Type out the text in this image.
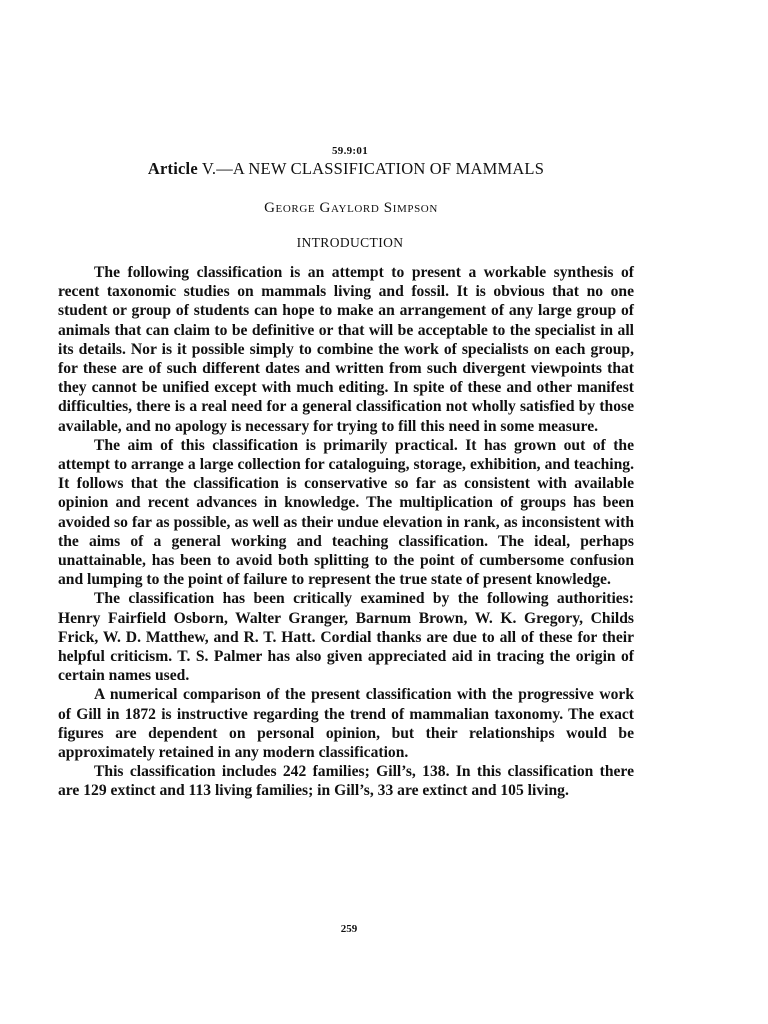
59.9:01
Article V.—A NEW CLASSIFICATION OF MAMMALS
George Gaylord Simpson
INTRODUCTION

The following classification is an attempt to present a workable synthesis of recent taxonomic studies on mammals living and fossil. It is obvious that no one student or group of students can hope to make an arrangement of any large group of animals that can claim to be definitive or that will be acceptable to the specialist in all its details. Nor is it possible simply to combine the work of specialists on each group, for these are of such different dates and written from such divergent viewpoints that they cannot be unified except with much editing. In spite of these and other manifest difficulties, there is a real need for a general classification not wholly satisfied by those available, and no apology is necessary for trying to fill this need in some measure.

The aim of this classification is primarily practical. It has grown out of the attempt to arrange a large collection for cataloguing, storage, exhibition, and teaching. It follows that the classification is conservative so far as consistent with available opinion and recent advances in knowledge. The multiplication of groups has been avoided so far as possible, as well as their undue elevation in rank, as inconsistent with the aims of a general working and teaching classification. The ideal, perhaps unattainable, has been to avoid both splitting to the point of cumbersome confusion and lumping to the point of failure to represent the true state of present knowledge.

The classification has been critically examined by the following authorities: Henry Fairfield Osborn, Walter Granger, Barnum Brown, W. K. Gregory, Childs Frick, W. D. Matthew, and R. T. Hatt. Cordial thanks are due to all of these for their helpful criticism. T. S. Palmer has also given appreciated aid in tracing the origin of certain names used.

A numerical comparison of the present classification with the progressive work of Gill in 1872 is instructive regarding the trend of mammalian taxonomy. The exact figures are dependent on personal opinion, but their relationships would be approximately retained in any modern classification.

This classification includes 242 families; Gill’s, 138. In this classification there are 129 extinct and 113 living families; in Gill’s, 33 are extinct and 105 living.

259
